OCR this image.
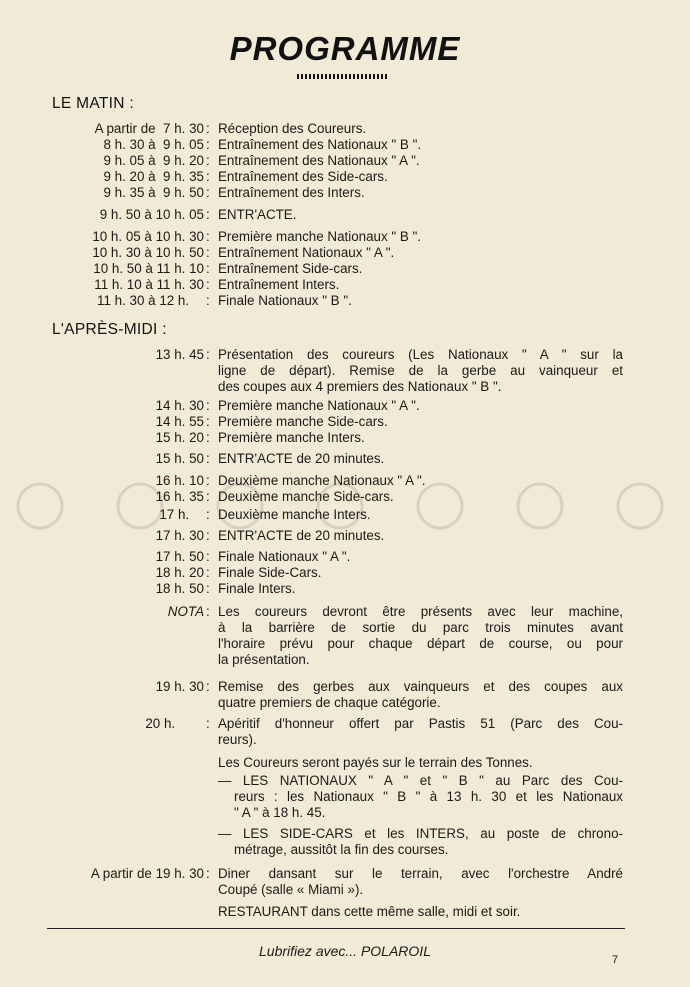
PROGRAMME
LE MATIN :
A partir de  7 h. 30 : Réception des Coureurs.
8 h. 30 à  9 h. 05 : Entraînement des Nationaux " B ".
9 h. 05 à  9 h. 20 : Entraînement des Nationaux " A ".
9 h. 20 à  9 h. 35 : Entraînement des Side-cars.
9 h. 35 à  9 h. 50 : Entraînement des Inters.
9 h. 50 à 10 h. 05 : ENTR'ACTE.
10 h. 05 à 10 h. 30 : Première manche Nationaux " B ".
10 h. 30 à 10 h. 50 : Entraînement Nationaux " A ".
10 h. 50 à 11 h. 10 : Entraînement Side-cars.
11 h. 10 à 11 h. 30 : Entraînement Inters.
11 h. 30 à 12 h. : Finale Nationaux " B ".
L'APRÈS-MIDI :
13 h. 45 : Présentation des coureurs (Les Nationaux " A " sur la
ligne de départ). Remise de la gerbe au vainqueur et
des coupes aux 4 premiers des Nationaux " B ".
14 h. 30 : Première manche Nationaux " A ".
14 h. 55 : Première manche Side-cars.
15 h. 20 : Première manche Inters.
15 h. 50 : ENTR'ACTE de 20 minutes.
16 h. 10 : Deuxième manche Nationaux " A ".
16 h. 35 : Deuxième manche Side-cars.
17 h. : Deuxième manche Inters.
17 h. 30 : ENTR'ACTE de 20 minutes.
17 h. 50 : Finale Nationaux " A ".
18 h. 20 : Finale Side-Cars.
18 h. 50 : Finale Inters.
NOTA : Les coureurs devront être présents avec leur machine,
à la barrière de sortie du parc trois minutes avant
l'horaire prévu pour chaque départ de course, ou pour
la présentation.
19 h. 30 : Remise des gerbes aux vainqueurs et des coupes aux
quatre premiers de chaque catégorie.
20 h. : Apéritif d'honneur offert par Pastis 51 (Parc des Cou-
reurs).
Les Coureurs seront payés sur le terrain des Tonnes.
— LES NATIONAUX " A " et " B " au Parc des Cou-
reurs : les Nationaux " B " à 13 h. 30 et les Nationaux
" A " à 18 h. 45.
— LES SIDE-CARS et les INTERS, au poste de chrono-
métrage, aussitôt la fin des courses.
A partir de 19 h. 30 : Diner dansant sur le terrain, avec l'orchestre André
Coupé (salle « Miami »).
RESTAURANT dans cette même salle, midi et soir.
Lubrifiez avec... POLAROIL
7
